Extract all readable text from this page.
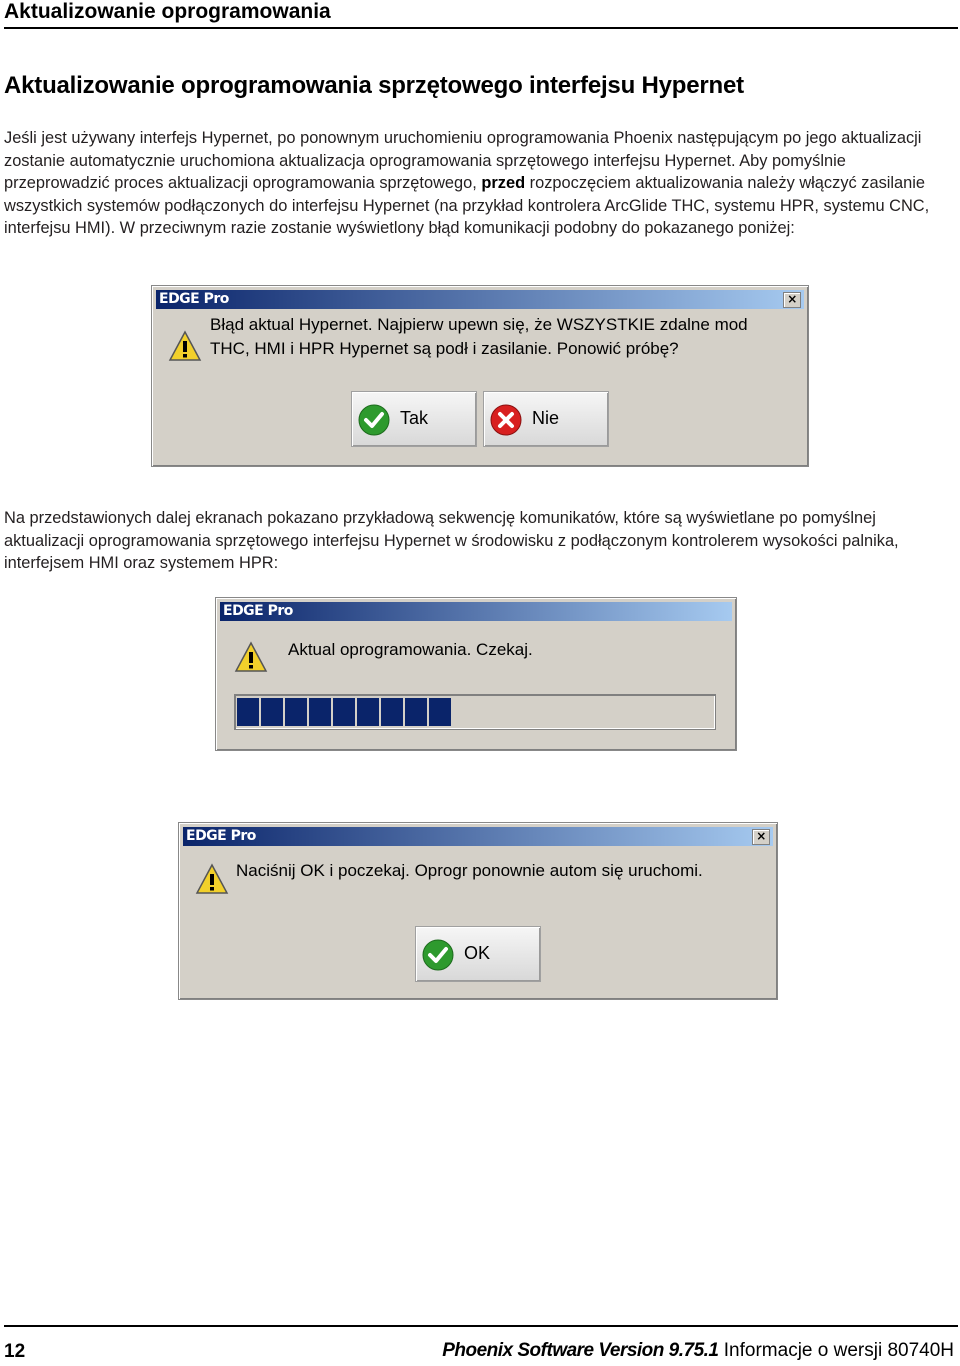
Aktualizowanie oprogramowania
Aktualizowanie oprogramowania sprzętowego interfejsu Hypernet
Jeśli jest używany interfejs Hypernet, po ponownym uruchomieniu oprogramowania Phoenix następującym po jego aktualizacji zostanie automatycznie uruchomiona aktualizacja oprogramowania sprzętowego interfejsu Hypernet. Aby pomyślnie przeprowadzić proces aktualizacji oprogramowania sprzętowego, przed rozpoczęciem aktualizowania należy włączyć zasilanie wszystkich systemów podłączonych do interfejsu Hypernet (na przykład kontrolera ArcGlide THC, systemu HPR, systemu CNC, interfejsu HMI). W przeciwnym razie zostanie wyświetlony błąd komunikacji podobny do pokazanego poniżej:
EDGE Pro	×
Błąd aktual Hypernet. Najpierw upewn się, że WSZYSTKIE zdalne mod
THC, HMI i HPR Hypernet są podł i zasilanie. Ponowić próbę?
Tak	Nie
Na przedstawionych dalej ekranach pokazano przykładową sekwencję komunikatów, które są wyświetlane po pomyślnej aktualizacji oprogramowania sprzętowego interfejsu Hypernet w środowisku z podłączonym kontrolerem wysokości palnika, interfejsem HMI oraz systemem HPR:
EDGE Pro
Aktual oprogramowania. Czekaj.
EDGE Pro	×
Naciśnij OK i poczekaj. Oprogr ponownie autom się uruchomi.
OK
12	Phoenix Software Version 9.75.1 Informacje o wersji 80740H
